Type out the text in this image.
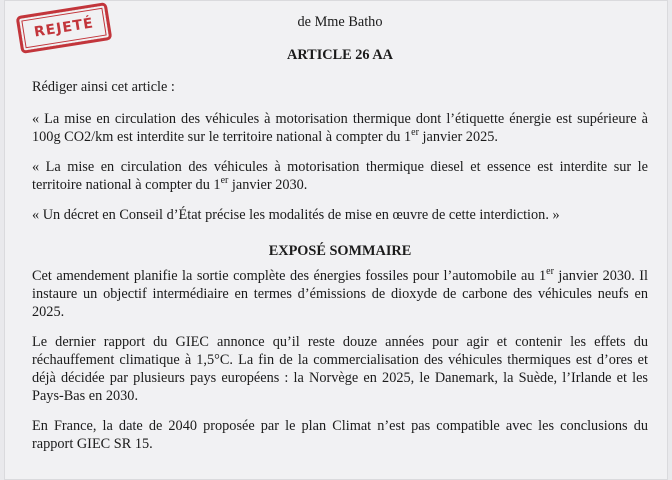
REJETÉ	de Mme Batho
ARTICLE 26 AA
Rédiger ainsi cet article :

« La mise en circulation des véhicules à motorisation thermique dont l’étiquette énergie est supérieure à 100g CO2/km est interdite sur le territoire national à compter du 1er janvier 2025.

« La mise en circulation des véhicules à motorisation thermique diesel et essence est interdite sur le territoire national à compter du 1er janvier 2030.

« Un décret en Conseil d’État précise les modalités de mise en œuvre de cette interdiction. »

EXPOSÉ SOMMAIRE

Cet amendement planifie la sortie complète des énergies fossiles pour l’automobile au 1er janvier 2030. Il instaure un objectif intermédiaire en termes d’émissions de dioxyde de carbone des véhicules neufs en 2025.

Le dernier rapport du GIEC annonce qu’il reste douze années pour agir et contenir les effets du réchauffement climatique à 1,5°C. La fin de la commercialisation des véhicules thermiques est d’ores et déjà décidée par plusieurs pays européens : la Norvège en 2025, le Danemark, la Suède, l’Irlande et les Pays-Bas en 2030.

En France, la date de 2040 proposée par le plan Climat n’est pas compatible avec les conclusions du rapport GIEC SR 15.
